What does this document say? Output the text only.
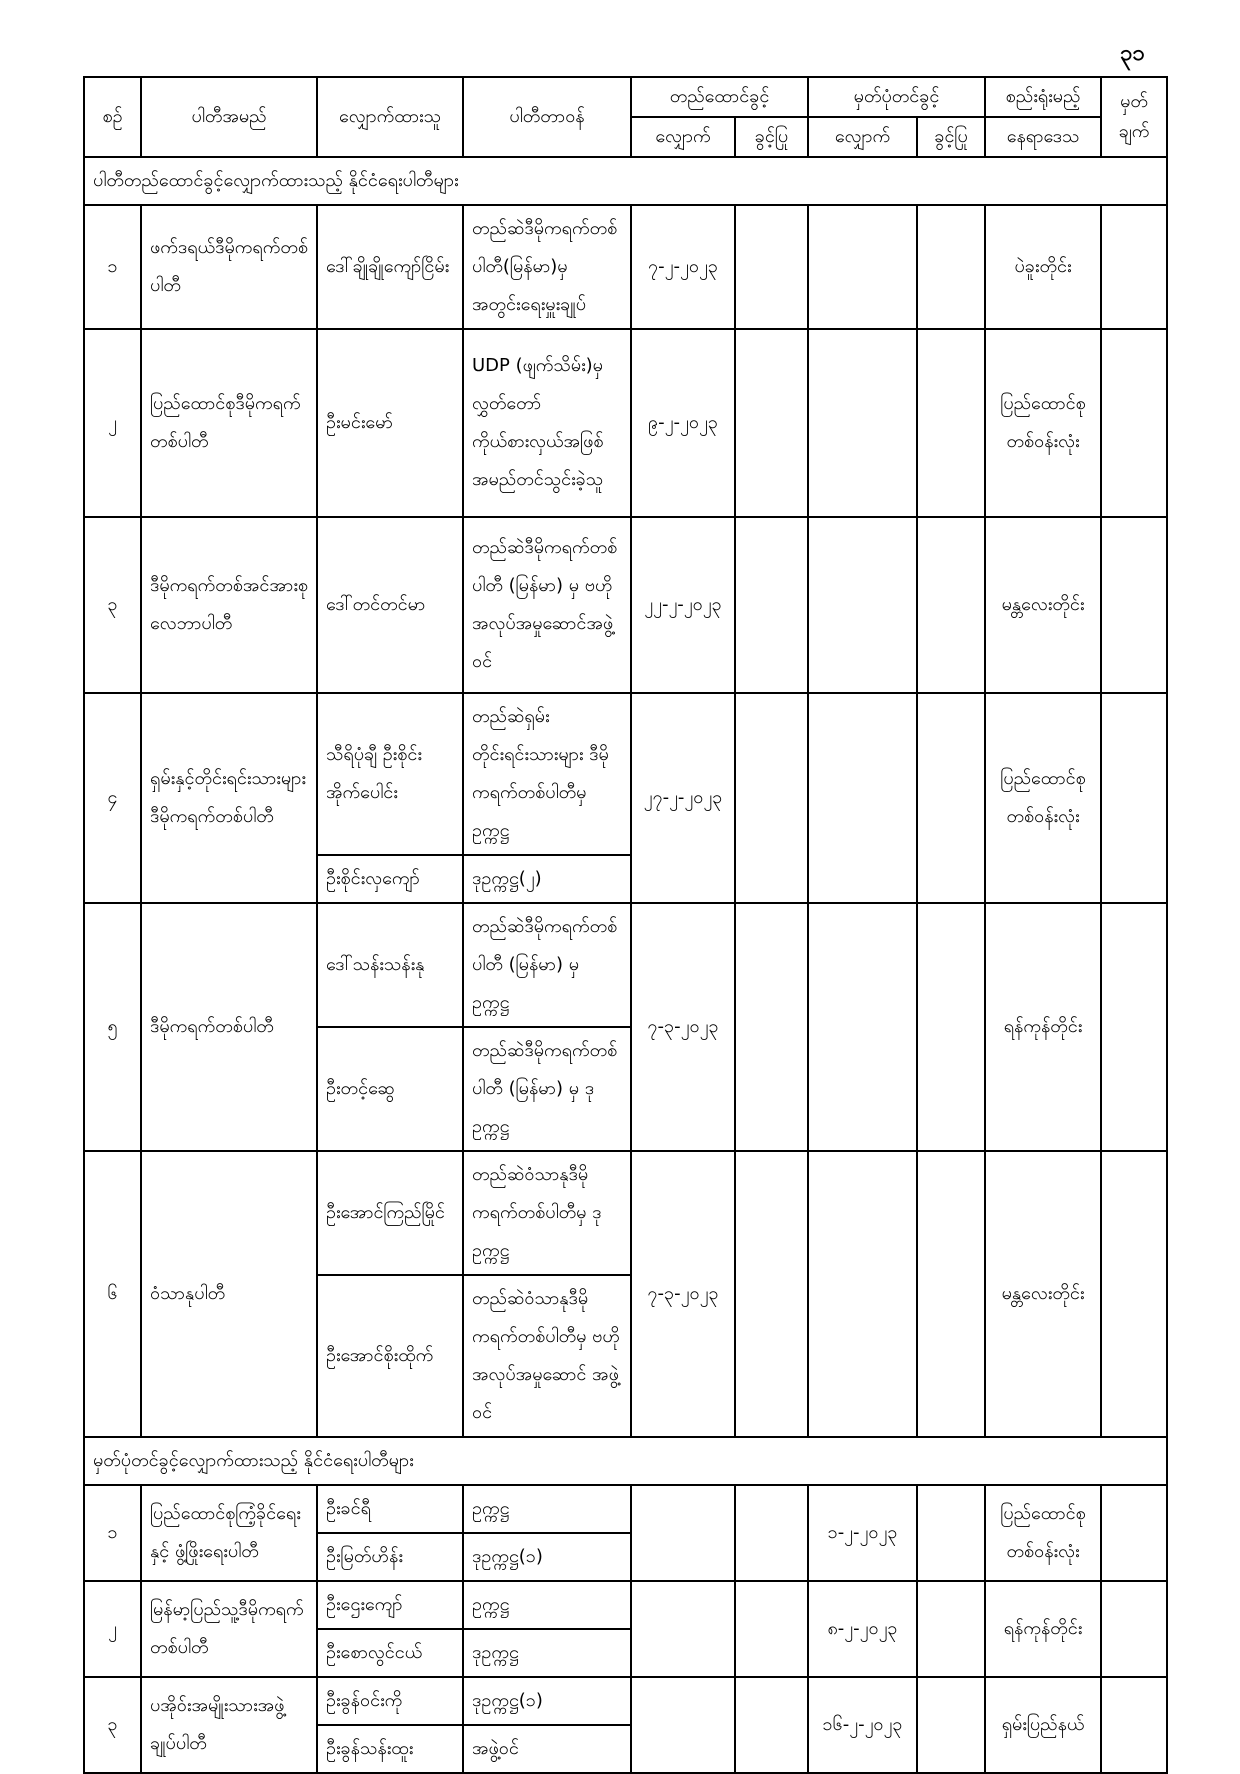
၃၁
စဉ်	ပါတီအမည်	လျှောက်ထားသူ	ပါတီတာဝန်	တည်ထောင်ခွင့်		မှတ်ပုံတင်ခွင့်		စည်းရုံးမည့်	မှတ်
ချက်
				လျှောက်	ခွင့်ပြု	လျှောက်	ခွင့်ပြု	နေရာဒေသ	
ပါတီတည်ထောင်ခွင့်လျှောက်ထားသည့် နိုင်ငံရေးပါတီများ									
၁	ဖက်ဒရယ်ဒီမိုကရက်တစ်ပါတီ	ဒေါ်ချိုချိုကျော်ငြိမ်း	တည်ဆဲဒီမိုကရက်တစ်ပါတီ(မြန်မာ)မှ အတွင်းရေးမှူးချုပ်	၇-၂-၂၀၂၃				ပဲခူးတိုင်း	
၂	ပြည်ထောင်စုဒီမိုကရက်တစ်ပါတီ	ဦးမင်းမော်	UDP (ဖျက်သိမ်း)မှ လွှတ်တော်ကိုယ်စားလှယ်အဖြစ် အမည်တင်သွင်းခဲ့သူ	၉-၂-၂၀၂၃				ပြည်ထောင်စုတစ်ဝန်းလုံး	
၃	ဒီမိုကရက်တစ်အင်အားစု လေဘာပါတီ	ဒေါ်တင်တင်မာ	တည်ဆဲဒီမိုကရက်တစ်ပါတီ (မြန်မာ) မှ ဗဟိုအလုပ်အမှုဆောင်အဖွဲ့ဝင်	၂၂-၂-၂၀၂၃				မန္တလေးတိုင်း	
၄	ရှမ်းနှင့်တိုင်းရင်းသားများ ဒီမိုကရက်တစ်ပါတီ	သီရိပုံချီ ဦးစိုင်းအိုက်ပေါင်း	တည်ဆဲရှမ်းတိုင်းရင်းသားများ ဒီမိုကရက်တစ်ပါတီမှ ဥက္ကဋ္ဌ	၂၇-၂-၂၀၂၃				ပြည်ထောင်စုတစ်ဝန်းလုံး	
		ဦးစိုင်းလှကျော်	ဒုဥက္ကဋ္ဌ(၂)						
၅	ဒီမိုကရက်တစ်ပါတီ	ဒေါ်သန်းသန်းနု	တည်ဆဲဒီမိုကရက်တစ်ပါတီ (မြန်မာ) မှ ဥက္ကဋ္ဌ	၇-၃-၂၀၂၃				ရန်ကုန်တိုင်း	
		ဦးတင့်ဆွေ	တည်ဆဲဒီမိုကရက်တစ်ပါတီ (မြန်မာ) မှ ဒုဥက္ကဋ္ဌ						
၆	ဝံသာနုပါတီ	ဦးအောင်ကြည်မြိုင်	တည်ဆဲဝံသာနုဒီမိုကရက်တစ်ပါတီမှ ဒုဥက္ကဋ္ဌ	၇-၃-၂၀၂၃				မန္တလေးတိုင်း	
		ဦးအောင်စိုးထိုက်	တည်ဆဲဝံသာနုဒီမိုကရက်တစ်ပါတီမှ ဗဟိုအလုပ်အမှုဆောင် အဖွဲ့ဝင်						
မှတ်ပုံတင်ခွင့်လျှောက်ထားသည့် နိုင်ငံရေးပါတီများ									
၁	ပြည်ထောင်စုကြံ့ခိုင်ရေးနှင့် ဖွံ့ဖြိုးရေးပါတီ	ဦးခင်ရီ	ဥက္ကဋ္ဌ			၁-၂-၂၀၂၃		ပြည်ထောင်စုတစ်ဝန်းလုံး	
		ဦးမြတ်ဟိန်း	ဒုဥက္ကဋ္ဌ(၁)						
၂	မြန်မာ့ပြည်သူ့ဒီမိုကရက်တစ်ပါတီ	ဦးဌေးကျော်	ဥက္ကဋ္ဌ			၈-၂-၂၀၂၃		ရန်ကုန်တိုင်း	
		ဦးစောလွင်ငယ်	ဒုဥက္ကဋ္ဌ						
၃	ပအိုဝ်းအမျိုးသားအဖွဲ့ချုပ်ပါတီ	ဦးခွန်ဝင်းကို	ဒုဥက္ကဋ္ဌ(၁)			၁၆-၂-၂၀၂၃		ရှမ်းပြည်နယ်	
		ဦးခွန်သန်းထူး	အဖွဲ့ဝင်						
